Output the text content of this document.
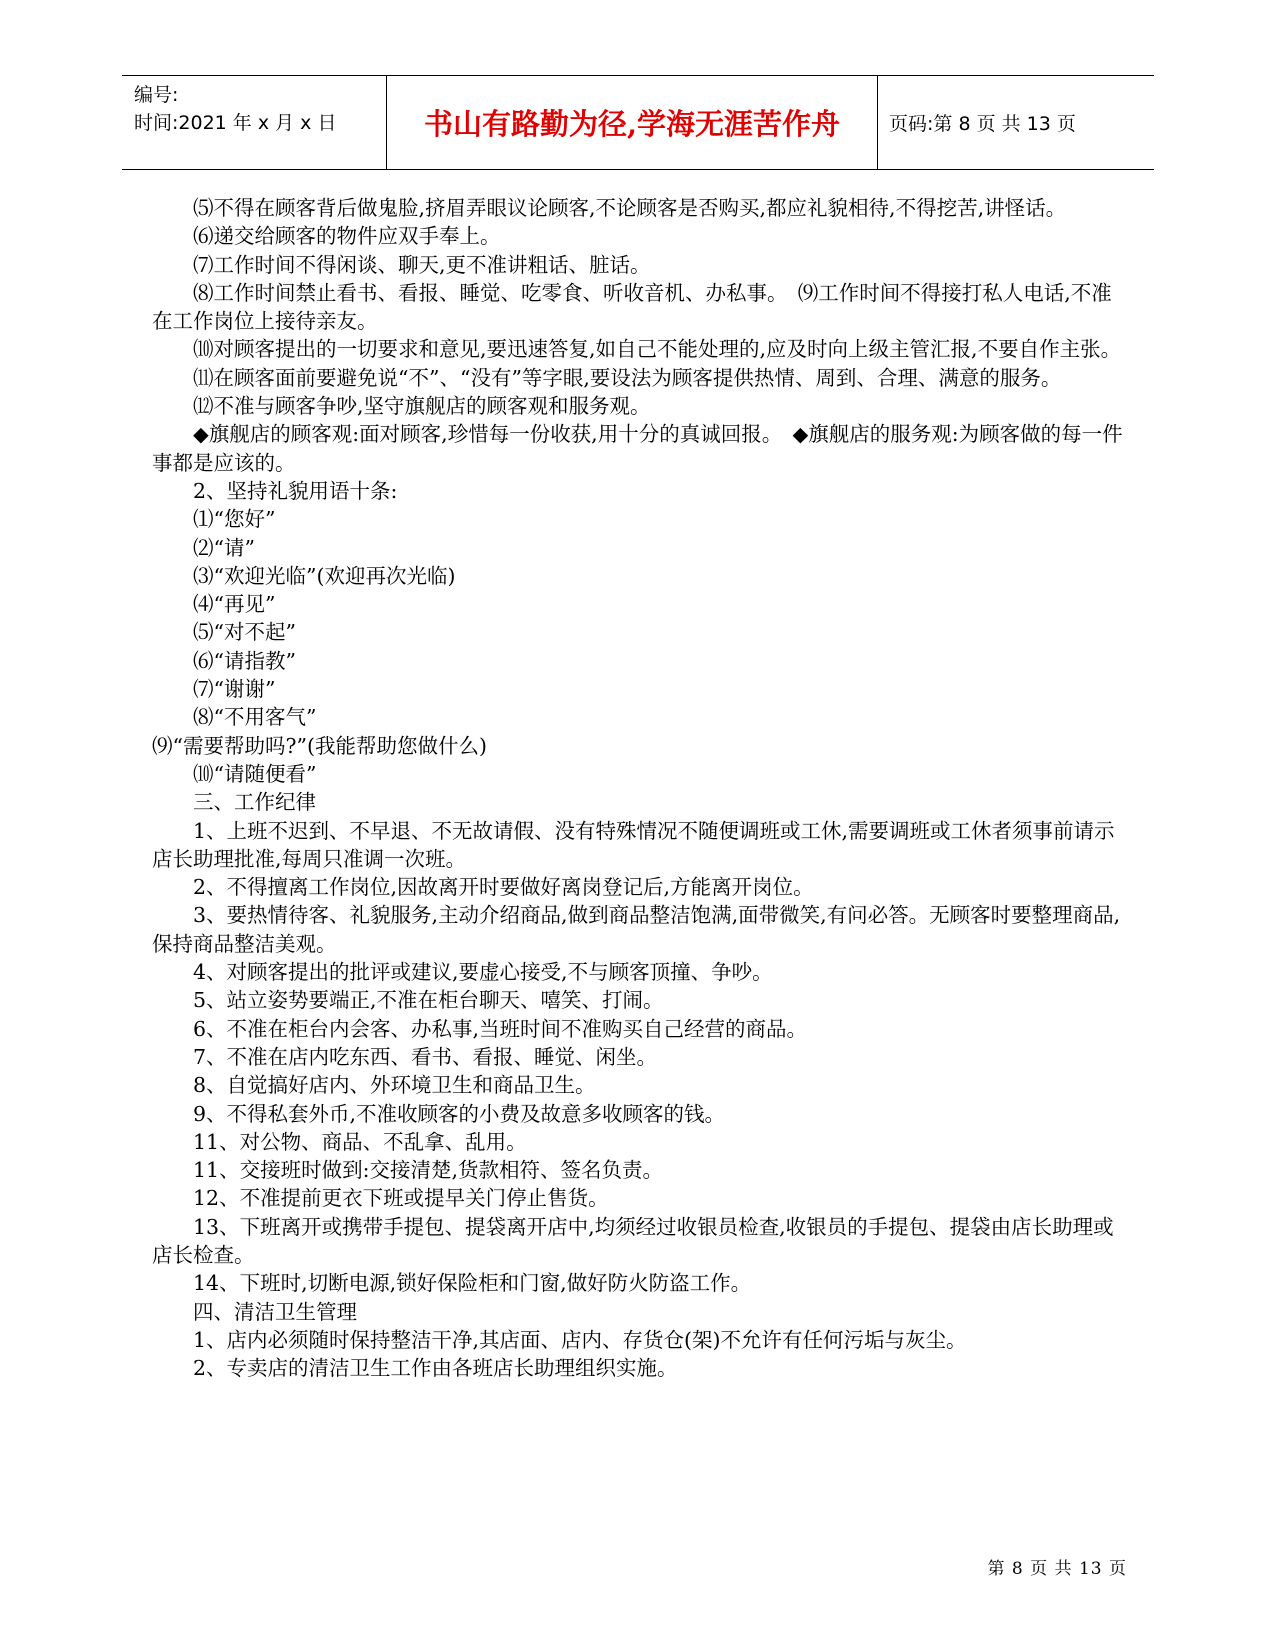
编号:
时间:2021 年 x 月 x 日	书山有路勤为径,学海无涯苦作舟	页码:第 8 页 共 13 页

⑸不得在顾客背后做鬼脸,挤眉弄眼议论顾客,不论顾客是否购买,都应礼貌相待,不得挖苦,讲怪话。

⑹递交给顾客的物件应双手奉上。

⑺工作时间不得闲谈、聊天,更不准讲粗话、脏话。

⑻工作时间禁止看书、看报、睡觉、吃零食、听收音机、办私事。　⑼工作时间不得接打私人电话,不准在工作岗位上接待亲友。

⑽对顾客提出的一切要求和意见,要迅速答复,如自己不能处理的,应及时向上级主管汇报,不要自作主张。

⑾在顾客面前要避免说“不”、“没有”等字眼,要设法为顾客提供热情、周到、合理、满意的服务。

⑿不准与顾客争吵,坚守旗舰店的顾客观和服务观。

◆旗舰店的顾客观:面对顾客,珍惜每一份收获,用十分的真诚回报。　◆旗舰店的服务观:为顾客做的每一件事都是应该的。

2、坚持礼貌用语十条:

⑴“您好”

⑵“请”

⑶“欢迎光临”(欢迎再次光临)

⑷“再见”

⑸“对不起”

⑹“请指教”

⑺“谢谢”

⑻“不用客气”

⑼“需要帮助吗?”(我能帮助您做什么)

⑽“请随便看”

三、工作纪律

1、上班不迟到、不早退、不无故请假、没有特殊情况不随便调班或工休,需要调班或工休者须事前请示店长助理批准,每周只准调一次班。

2、不得擅离工作岗位,因故离开时要做好离岗登记后,方能离开岗位。

3、要热情待客、礼貌服务,主动介绍商品,做到商品整洁饱满,面带微笑,有问必答。无顾客时要整理商品,保持商品整洁美观。

4、对顾客提出的批评或建议,要虚心接受,不与顾客顶撞、争吵。

5、站立姿势要端正,不准在柜台聊天、嘻笑、打闹。

6、不准在柜台内会客、办私事,当班时间不准购买自己经营的商品。

7、不准在店内吃东西、看书、看报、睡觉、闲坐。

8、自觉搞好店内、外环境卫生和商品卫生。

9、不得私套外币,不准收顾客的小费及故意多收顾客的钱。

11、对公物、商品、不乱拿、乱用。

11、交接班时做到:交接清楚,货款相符、签名负责。

12、不准提前更衣下班或提早关门停止售货。

13、下班离开或携带手提包、提袋离开店中,均须经过收银员检查,收银员的手提包、提袋由店长助理或店长检查。

14、下班时,切断电源,锁好保险柜和门窗,做好防火防盗工作。

四、清洁卫生管理

1、店内必须随时保持整洁干净,其店面、店内、存货仓(架)不允许有任何污垢与灰尘。

2、专卖店的清洁卫生工作由各班店长助理组织实施。

第 8 页 共 13 页
